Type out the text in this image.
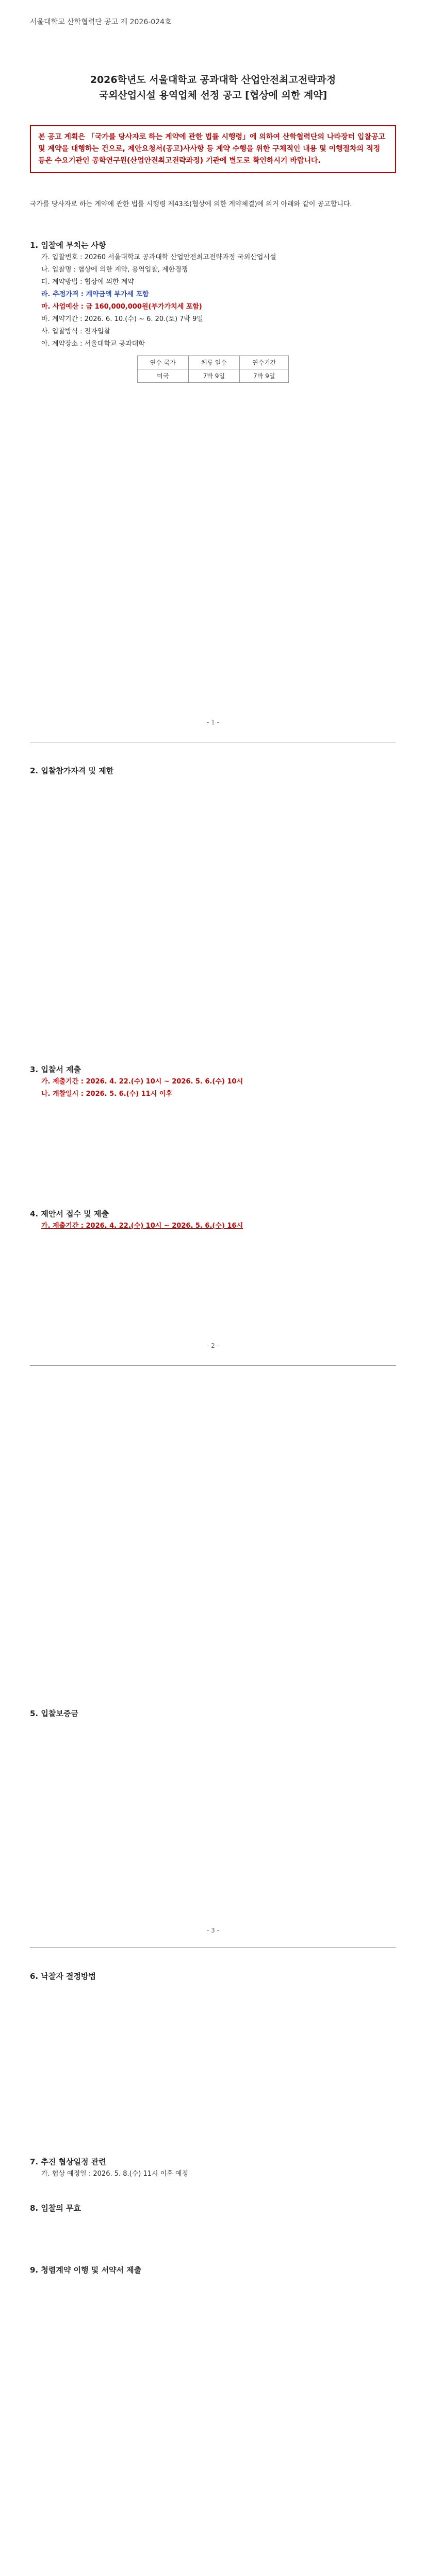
서울대학교 산학협력단 공고 제 2026-024호
2026학년도 서울대학교 공과대학 산업안전최고전략과정
국외산업시설 용역업체 선정 공고 [협상에 의한 계약]
본 공고 계획은 「국가를 당사자로 하는 계약에 관한 법률 시행령」에 의하여 산학협력단의 나라장터 입찰공고 및 계약을 대행하는 건으로, 제안요청서(공고)사사항 등 계약 수행을 위한 구체적인 내용 및 이행절차의 적정 등은 수요기관인 공학연구원(산업안전최고전략과정) 기관에 별도로 확인하시기 바랍니다.

국가를 당사자로 하는 계약에 관한 법률 시행령 제43조(협상에 의한 계약체결)에 의거 아래와 같이 공고합니다.

1. 입찰에 부치는 사항

가. 입찰번호 : 20260 서울대학교 공과대학 산업안전최고전략과정 국외산업시설

나. 입찰명 : 협상에 의한 계약, 용역입찰, 제한경쟁

다. 계약방법 : 협상에 의한 계약

라. 추정가격 : 계약금액 부가세 포함

마. 사업예산 : 금 160,000,000원(부가가치세 포함)

바. 계약기간 : 2026. 6. 10.(수) ~ 6. 20.(토) 7박 9일

사. 입찰방식 : 전자입찰

아. 계약장소 : 서울대학교 공과대학

연수 국가	체류 일수	연수기간
미국	7박 9일	7박 9일
- 1 -

2. 입찰참가자격 및 제한

3. 입찰서 제출

가. 제출기간 : 2026. 4. 22.(수) 10시 ~ 2026. 5. 6.(수) 10시

나. 개찰일시 : 2026. 5. 6.(수) 11시 이후

4. 제안서 접수 및 제출

가. 제출기간 : 2026. 4. 22.(수) 10시 ~ 2026. 5. 6.(수) 16시

- 2 -

5. 입찰보증금

- 3 -

6. 낙찰자 결정방법

7. 추진 협상일정 관련

가. 협상 예정일 : 2026. 5. 8.(수) 11시 이후 예정

8. 입찰의 무효

9. 청렴계약 이행 및 서약서 제출
